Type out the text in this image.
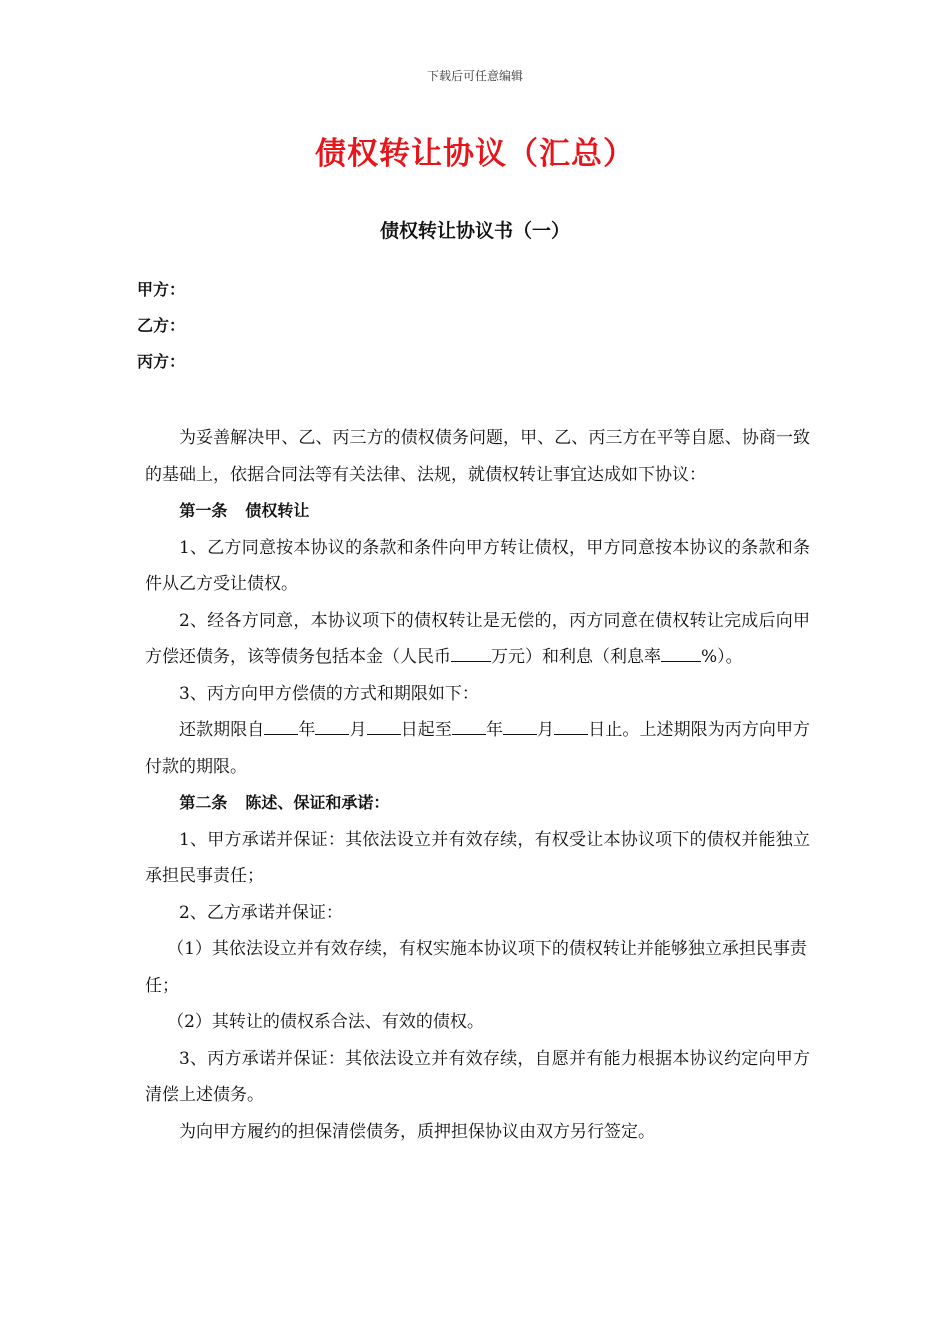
下载后可任意编辑
债权转让协议（汇总）
债权转让协议书（一）
甲方：
乙方：
丙方：

为妥善解决甲、乙、丙三方的债权债务问题，甲、乙、丙三方在平等自愿、协商一致的基础上，依据合同法等有关法律、法规，就债权转让事宜达成如下协议：

第一条 债权转让

1、乙方同意按本协议的条款和条件向甲方转让债权，甲方同意按本协议的条款和条件从乙方受让债权。

2、经各方同意，本协议项下的债权转让是无偿的，丙方同意在债权转让完成后向甲方偿还债务，该等债务包括本金（人民币 万元）和利息（利息率 %）。

3、丙方向甲方偿债的方式和期限如下：

还款期限自 年 月 日起至 年 月 日止。上述期限为丙方向甲方付款的期限。

第二条 陈述、保证和承诺：

1、甲方承诺并保证：其依法设立并有效存续，有权受让本协议项下的债权并能独立承担民事责任；

2、乙方承诺并保证：

（1）其依法设立并有效存续，有权实施本协议项下的债权转让并能够独立承担民事责任；

（2）其转让的债权系合法、有效的债权。

3、丙方承诺并保证：其依法设立并有效存续，自愿并有能力根据本协议约定向甲方清偿上述债务。

为向甲方履约的担保清偿债务，质押担保协议由双方另行签定。
